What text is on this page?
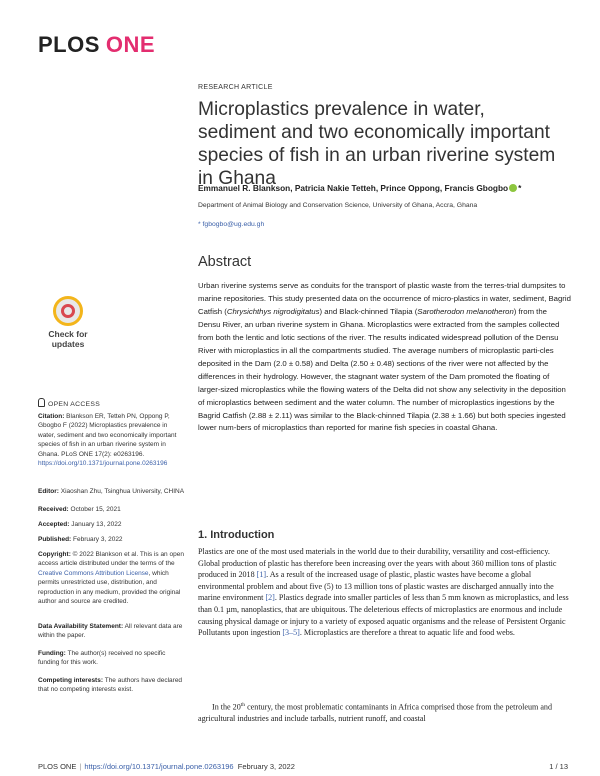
PLOS ONE
RESEARCH ARTICLE
Microplastics prevalence in water, sediment and two economically important species of fish in an urban riverine system in Ghana
Emmanuel R. Blankson, Patricia Nakie Tetteh, Prince Oppong, Francis Gbogbo *
Department of Animal Biology and Conservation Science, University of Ghana, Accra, Ghana
* fgbogbo@ug.edu.gh
Abstract
Urban riverine systems serve as conduits for the transport of plastic waste from the terres-trial dumpsites to marine repositories. This study presented data on the occurrence of micro-plastics in water, sediment, Bagrid Catfish (Chrysichthys nigrodigitatus) and Black-chinned Tilapia (Sarotherodon melanotheron) from the Densu River, an urban riverine system in Ghana. Microplastics were extracted from the samples collected from both the lentic and lotic sections of the river. The results indicated widespread pollution of the Densu River with microplastics in all the compartments studied. The average numbers of microplastic parti-cles deposited in the Dam (2.0 ± 0.58) and Delta (2.50 ± 0.48) sections of the river were not affected by the differences in their hydrology. However, the stagnant water system of the Dam promoted the floating of larger-sized microplastics while the flowing waters of the Delta did not show any selectivity in the deposition of microplastics between sediment and the water column. The number of microplastics ingestions by the Bagrid Catfish (2.88 ± 2.11) was similar to the Black-chinned Tilapia (2.38 ± 1.66) but both species ingested lower num-bers of microplastics than reported for marine fish species in coastal Ghana.
1. Introduction
Plastics are one of the most used materials in the world due to their durability, versatility and cost-efficiency. Global production of plastic has therefore been increasing over the years with about 360 million tons of plastic produced in 2018 [1]. As a result of the increased usage of plastic, plastic wastes have become a global environmental problem and about five (5) to 13 million tons of plastic wastes are discharged annually into the marine environment [2]. Plastics degrade into smaller particles of less than 5 mm known as microplastics, and less than 0.1 µm, nanoplastics, that are ubiquitous. The deleterious effects of microplastics are enormous and include causing physical damage or injury to a variety of exposed aquatic organisms and the release of Persistent Organic Pollutants upon ingestion [3–5]. Microplastics are therefore a threat to aquatic life and food webs.
In the 20th century, the most problematic contaminants in Africa comprised those from the petroleum and agricultural industries and include tarballs, nutrient runoff, and coastal
Check for
updates
OPEN ACCESS
Citation: Blankson ER, Tetteh PN, Oppong P, Gbogbo F (2022) Microplastics prevalence in water, sediment and two economically important species of fish in an urban riverine system in Ghana. PLoS ONE 17(2): e0263196. https://doi.org/10.1371/journal.pone.0263196
Editor: Xiaoshan Zhu, Tsinghua University, CHINA
Received: October 15, 2021
Accepted: January 13, 2022
Published: February 3, 2022
Copyright: © 2022 Blankson et al. This is an open access article distributed under the terms of the Creative Commons Attribution License, which permits unrestricted use, distribution, and reproduction in any medium, provided the original author and source are credited.
Data Availability Statement: All relevant data are within the paper.
Funding: The author(s) received no specific funding for this work.
Competing interests: The authors have declared that no competing interests exist.
PLOS ONE | https://doi.org/10.1371/journal.pone.0263196 February 3, 2022	1 / 13
